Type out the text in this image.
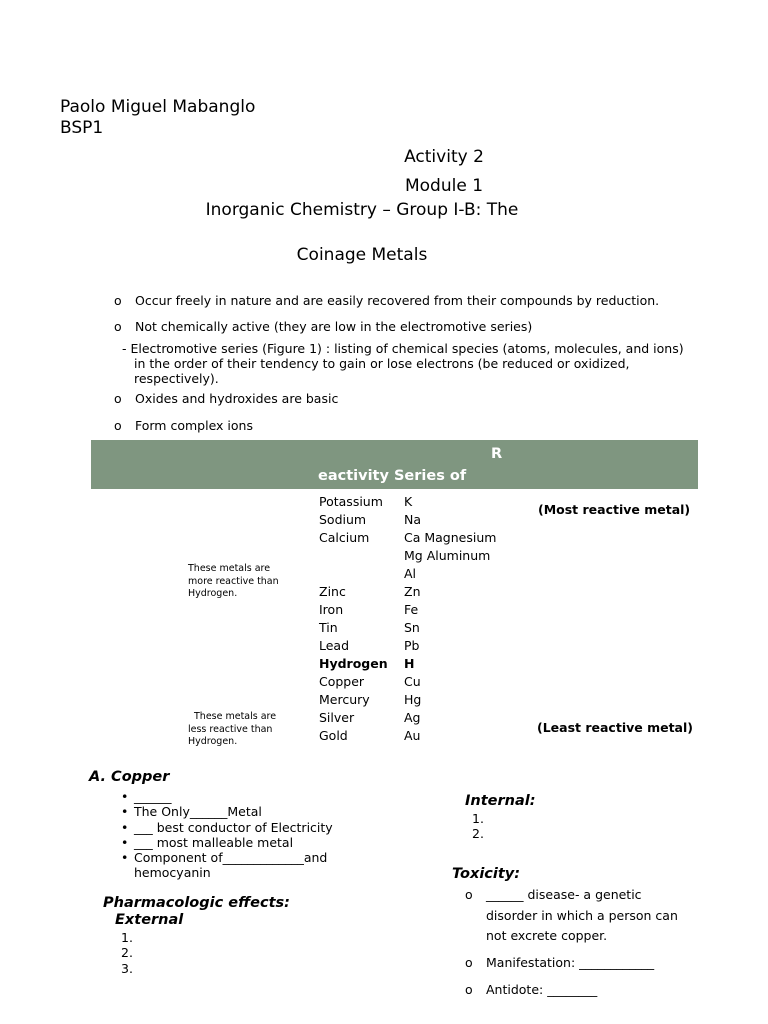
Paolo Miguel Mabanglo
BSP1
Activity 2
Module 1
Inorganic Chemistry – Group I-B: The
Coinage Metals
o Occur freely in nature and are easily recovered from their compounds by reduction.
o Not chemically active (they are low in the electromotive series)
- Electromotive series (Figure 1) : listing of chemical species (atoms, molecules, and ions)
in the order of their tendency to gain or lose electrons (be reduced or oxidized,
respectively).
o Oxides and hydroxides are basic
o Form complex ions
R
eactivity Series of
Potassium
Sodium
Calcium
Zinc
Iron
Tin
Lead
Hydrogen
Copper
Mercury
Silver
Gold
K
Na
Ca Magnesium
Mg Aluminum
Al
Zn
Fe
Sn
Pb
H
Cu
Hg
Ag
Au
(Most reactive metal)
(Least reactive metal)
These metals are
more reactive than
Hydrogen.
These metals are
less reactive than
Hydrogen.
A. Copper
• ______
• The Only______Metal
• ___ best conductor of Electricity
• ___ most malleable metal
• Component of_____________and
hemocyanin
Pharmacologic effects:
External
1.
2.
3.
Internal:
1.
2.
Toxicity:
o ______ disease- a genetic disorder in which a person can not excrete copper.
o Manifestation: ____________
o Antidote: ________
